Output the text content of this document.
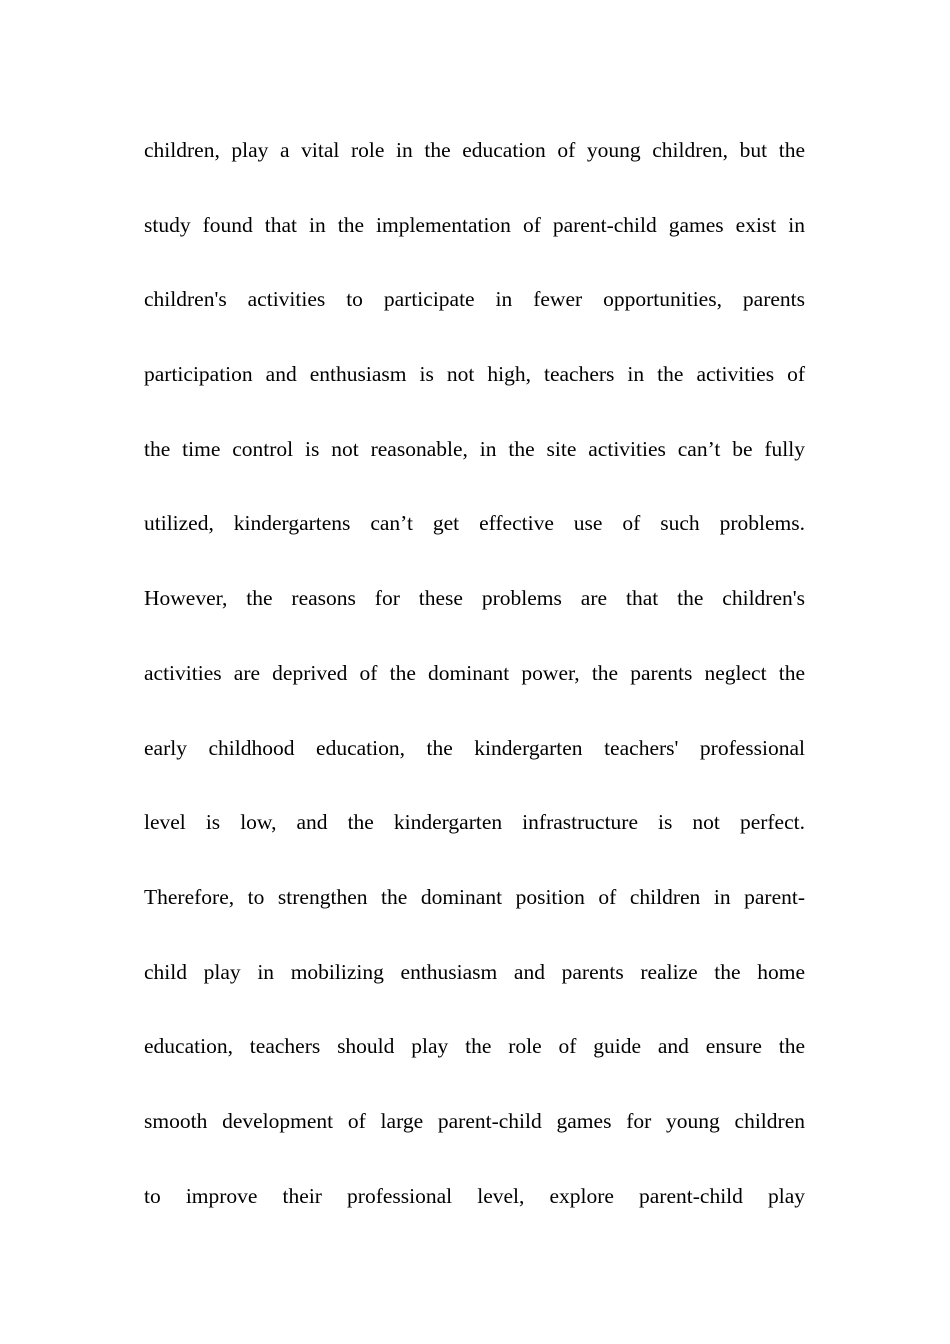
children, play a vital role in the education of young children, but the
study found that in the implementation of parent-child games exist in
children's activities to participate in fewer opportunities, parents
participation and enthusiasm is not high, teachers in the activities of
the time control is not reasonable, in the site activities can’t be fully
utilized, kindergartens can’t get effective use of such problems.
However, the reasons for these problems are that the children's
activities are deprived of the dominant power, the parents neglect the
early childhood education, the kindergarten teachers' professional
level is low, and the kindergarten infrastructure is not perfect.
Therefore, to strengthen the dominant position of children in parent-
child play in mobilizing enthusiasm and parents realize the home
education, teachers should play the role of guide and ensure the
smooth development of large parent-child games for young children
to improve their professional level, explore parent-child play
